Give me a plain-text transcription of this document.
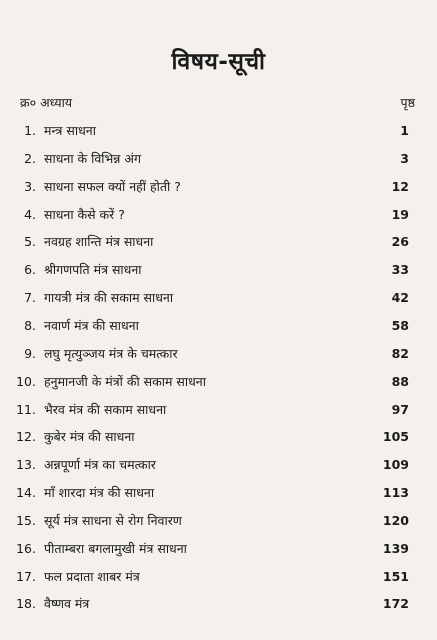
विषय-सूची
क्र० अध्याय	पृष्ठ
1. मन्त्र साधना	1
2. साधना के विभिन्न अंग	3
3. साधना सफल क्यों नहीं होती ?	12
4. साधना कैसे करें ?	19
5. नवग्रह शान्ति मंत्र साधना	26
6. श्रीगणपति मंत्र साधना	33
7. गायत्री मंत्र की सकाम साधना	42
8. नवार्ण मंत्र की साधना	58
9. लघु मृत्युञ्जय मंत्र के चमत्कार	82
10. हनुमानजी के मंत्रों की सकाम साधना	88
11. भैरव मंत्र की सकाम साधना	97
12. कुबेर मंत्र की साधना	105
13. अन्नपूर्णा मंत्र का चमत्कार	109
14. माँ शारदा मंत्र की साधना	113
15. सूर्य मंत्र साधना से रोग निवारण	120
16. पीताम्बरा बगलामुखी मंत्र साधना	139
17. फल प्रदाता शाबर मंत्र	151
18. वैष्णव मंत्र	172
